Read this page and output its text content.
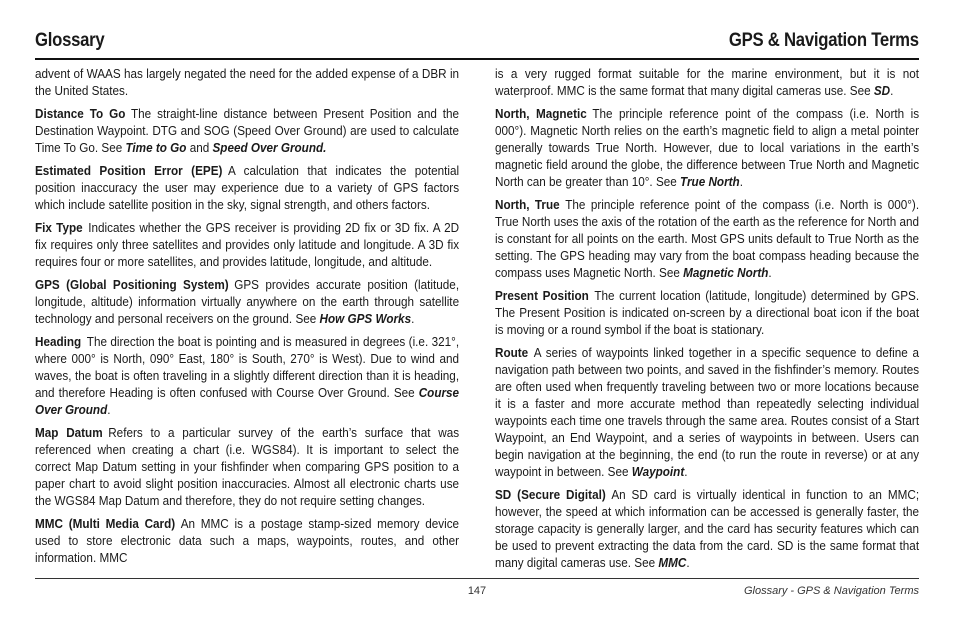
Glossary	GPS & Navigation Terms

advent of WAAS has largely negated the need for the added expense of a DBR in the United States.

Distance To Go The straight-line distance between Present Position and the Destination Waypoint. DTG and SOG (Speed Over Ground) are used to calculate Time To Go. See Time to Go and Speed Over Ground.

Estimated Position Error (EPE) A calculation that indicates the potential position inaccuracy the user may experience due to a variety of GPS factors which include satellite position in the sky, signal strength, and others factors.

Fix Type Indicates whether the GPS receiver is providing 2D fix or 3D fix. A 2D fix requires only three satellites and provides only latitude and longitude. A 3D fix requires four or more satellites, and provides latitude, longitude, and altitude.

GPS (Global Positioning System) GPS provides accurate position (latitude, longitude, altitude) information virtually anywhere on the earth through satellite technology and personal receivers on the ground. See How GPS Works.

Heading The direction the boat is pointing and is measured in degrees (i.e. 321°, where 000° is North, 090° East, 180° is South, 270° is West). Due to wind and waves, the boat is often traveling in a slightly different direction than it is heading, and therefore Heading is often confused with Course Over Ground. See Course Over Ground.

Map Datum Refers to a particular survey of the earth’s surface that was referenced when creating a chart (i.e. WGS84). It is important to select the correct Map Datum setting in your fishfinder when comparing GPS position to a paper chart to avoid slight position inaccuracies. Almost all electronic charts use the WGS84 Map Datum and therefore, they do not require setting changes.

MMC (Multi Media Card) An MMC is a postage stamp-sized memory device used to store electronic data such a maps, waypoints, routes, and other information. MMC

is a very rugged format suitable for the marine environment, but it is not waterproof. MMC is the same format that many digital cameras use. See SD.

North, Magnetic The principle reference point of the compass (i.e. North is 000°). Magnetic North relies on the earth’s magnetic field to align a metal pointer generally towards True North. However, due to local variations in the earth’s magnetic field around the globe, the difference between True North and Magnetic North can be greater than 10°. See True North.

North, True The principle reference point of the compass (i.e. North is 000°). True North uses the axis of the rotation of the earth as the reference for North and is constant for all points on the earth. Most GPS units default to True North as the setting. The GPS heading may vary from the boat compass heading because the compass uses Magnetic North. See Magnetic North.

Present Position The current location (latitude, longitude) determined by GPS. The Present Position is indicated on-screen by a directional boat icon if the boat is moving or a round symbol if the boat is stationary.

Route A series of waypoints linked together in a specific sequence to define a navigation path between two points, and saved in the fishfinder’s memory. Routes are often used when frequently traveling between two or more locations because it is a faster and more accurate method than repeatedly selecting individual waypoints each time one travels through the same area. Routes consist of a Start Waypoint, an End Waypoint, and a series of waypoints in between. Users can begin navigation at the beginning, the end (to run the route in reverse) or at any waypoint in between. See Waypoint.

SD (Secure Digital) An SD card is virtually identical in function to an MMC; however, the speed at which information can be accessed is generally faster, the storage capacity is generally larger, and the card has security features which can be used to prevent extracting the data from the card. SD is the same format that many digital cameras use. See MMC.

147	Glossary - GPS & Navigation Terms
